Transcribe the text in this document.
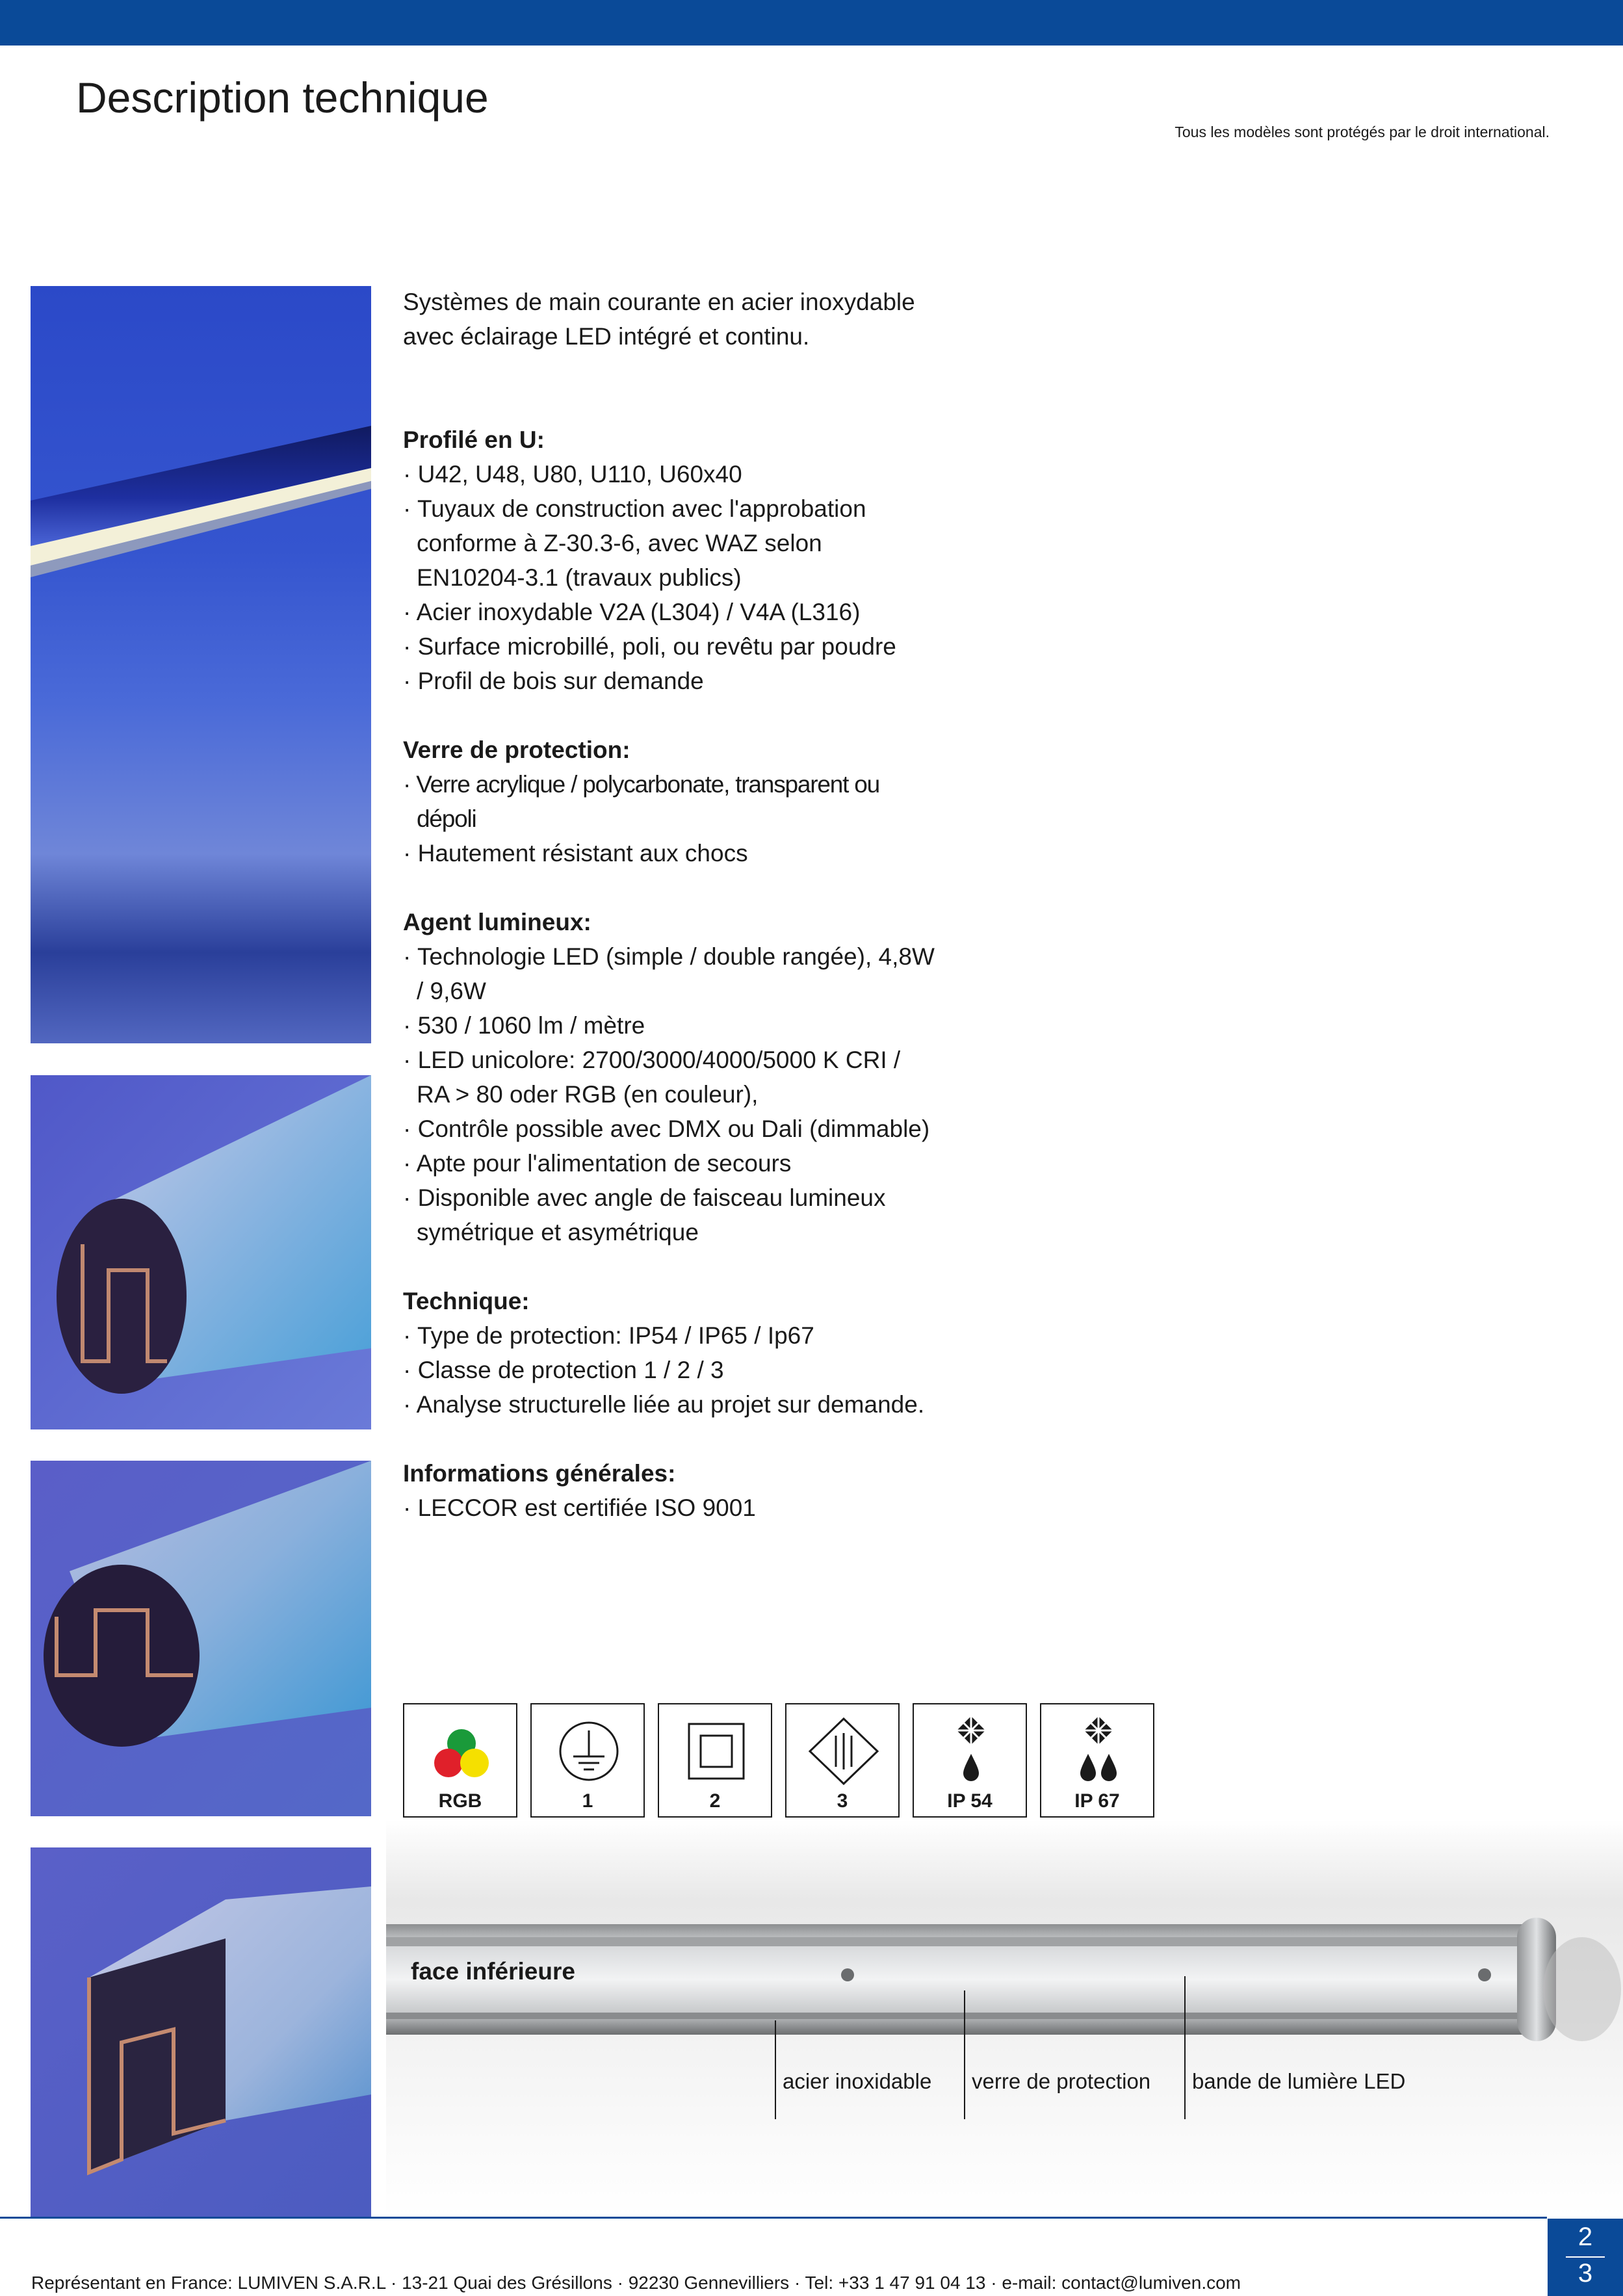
Description technique
Tous les modèles sont protégés par le droit international.

Systèmes de main courante en acier inoxydable
avec éclairage LED intégré et continu.

Profilé en U:
· U42, U48, U80, U110, U60x40
· Tuyaux de construction avec l'approbation conforme à Z-30.3-6, avec WAZ selon EN10204-3.1 (travaux publics)
· Acier inoxydable V2A (L304) / V4A (L316)
· Surface microbillé, poli, ou revêtu par poudre
· Profil de bois sur demande
Verre de protection:
· Verre acrylique / polycarbonate, transparent ou dépoli
· Hautement résistant aux chocs
Agent lumineux:
· Technologie LED (simple / double rangée), 4,8W / 9,6W
· 530 / 1060 lm / mètre
· LED unicolore: 2700/3000/4000/5000 K CRI / RA > 80 oder RGB (en couleur),
· Contrôle possible avec DMX ou Dali (dimmable)
· Apte pour l'alimentation de secours
· Disponible avec angle de faisceau lumineux symétrique et asymétrique
Technique:
· Type de protection: IP54 / IP65 / Ip67
· Classe de protection 1 / 2 / 3
· Analyse structurelle liée au projet sur demande.
Informations générales:
· LECCOR est certifiée ISO 9001
RGB	1	2	3	IP 54	IP 67
face inférieure
acier inoxidable verre de protection bande de lumière LED
Représentant en France: LUMIVEN S.A.R.L · 13-21 Quai des Grésillons · 92230 Gennevilliers · Tel: +33 1 47 91 04 13 · e-mail: contact@lumiven.com
2
3
